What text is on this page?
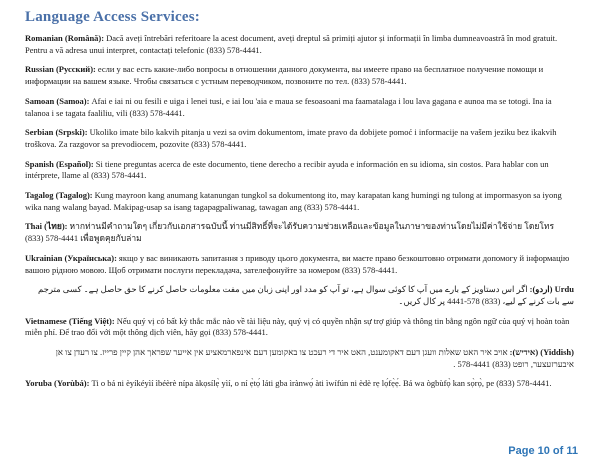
Language Access Services:

Romanian (Română): Dacă aveți întrebări referitoare la acest document, aveți dreptul să primiți ajutor și informații în limba dumneavoastră în mod gratuit. Pentru a vă adresa unui interpret, contactați telefonic (833) 578-4441.

Russian (Русский): если у вас есть какие-либо вопросы в отношении данного документа, вы имеете право на бесплатное получение помощи и информации на вашем языке. Чтобы связаться с устным переводчиком, позвоните по тел. (833) 578-4441.

Samoan (Samoa): Afai e iai ni ou fesili e uiga i lenei tusi, e iai lou 'aia e maua se fesoasoani ma faamatalaga i lou lava gagana e aunoa ma se totogi. Ina ia talanoa i se tagata faaliliu, vili (833) 578-4441.

Serbian (Srpski): Ukoliko imate bilo kakvih pitanja u vezi sa ovim dokumentom, imate pravo da dobijete pomoć i informacije na vašem jeziku bez ikakvih troškova. Za razgovor sa prevodiocem, pozovite (833) 578-4441.

Spanish (Español): Si tiene preguntas acerca de este documento, tiene derecho a recibir ayuda e información en su idioma, sin costos. Para hablar con un intérprete, llame al (833) 578-4441.

Tagalog (Tagalog): Kung mayroon kang anumang katanungan tungkol sa dokumentong ito, may karapatan kang humingi ng tulong at impormasyon sa iyong wika nang walang bayad. Makipag-usap sa isang tagapagpaliwanag, tawagan ang (833) 578-4441.

Thai (ไทย): หากท่านมีคำถามใดๆ เกี่ยวกับเอกสารฉบับนี้ ท่านมีสิทธิ์ที่จะได้รับความช่วยเหลือและข้อมูลในภาษาของท่านโดยไม่มีค่าใช้จ่าย โดยโทร (833) 578-4441 เพื่อพูดคุยกับล่าม

Ukrainian (Українська): якщо у вас виникають запитання з приводу цього документа, ви маєте право безкоштовно отримати допомогу й інформацію вашою рідною мовою. Щоб отримати послуги перекладача, зателефонуйте за номером (833) 578-4441.

Urdu (اردو):اگر اس دستاویز کے بارے میں آپ کا کوئی سوال ہے، تو آپ کو مدد اور اپنی زبان میں مفت معلومات حاصل کرنے کا حق حاصل ہے۔ کسی مترجم سے بات کرنے کے لیے، (833) 578-4441 پر کال کریں۔

Vietnamese (Tiếng Việt): Nếu quý vị có bất kỳ thắc mắc nào về tài liệu này, quý vị có quyền nhận sự trợ giúp và thông tin bằng ngôn ngữ của quý vị hoàn toàn miễn phí. Để trao đổi với một thông dịch viên, hãy gọi (833) 578-4441.

(Yiddish) (אידיש):אויב איר האט שאלות וועגן דעם דאקומענט, האט איר די רעכט צו באקומען דעם אינפארמאציע אין אייער שפראך אהן קיין פרייז. צו רעדן צו אן איבערזעצער, רופט (833) 578-4441 .

Yoruba (Yorùbá): Ti o bá ni èyíkéyìí ìbéèrè nípa àkọsílẹ̀ yìí, o ní ẹ̀tọ́ láti gba ìrànwọ́ àti ìwífún ni èdè rẹ lọ́fẹ̀ẹ́. Bá wa ògbùfọ̀ kan sọ̀rọ̀, pe (833) 578-4441.

Page 10 of 11
